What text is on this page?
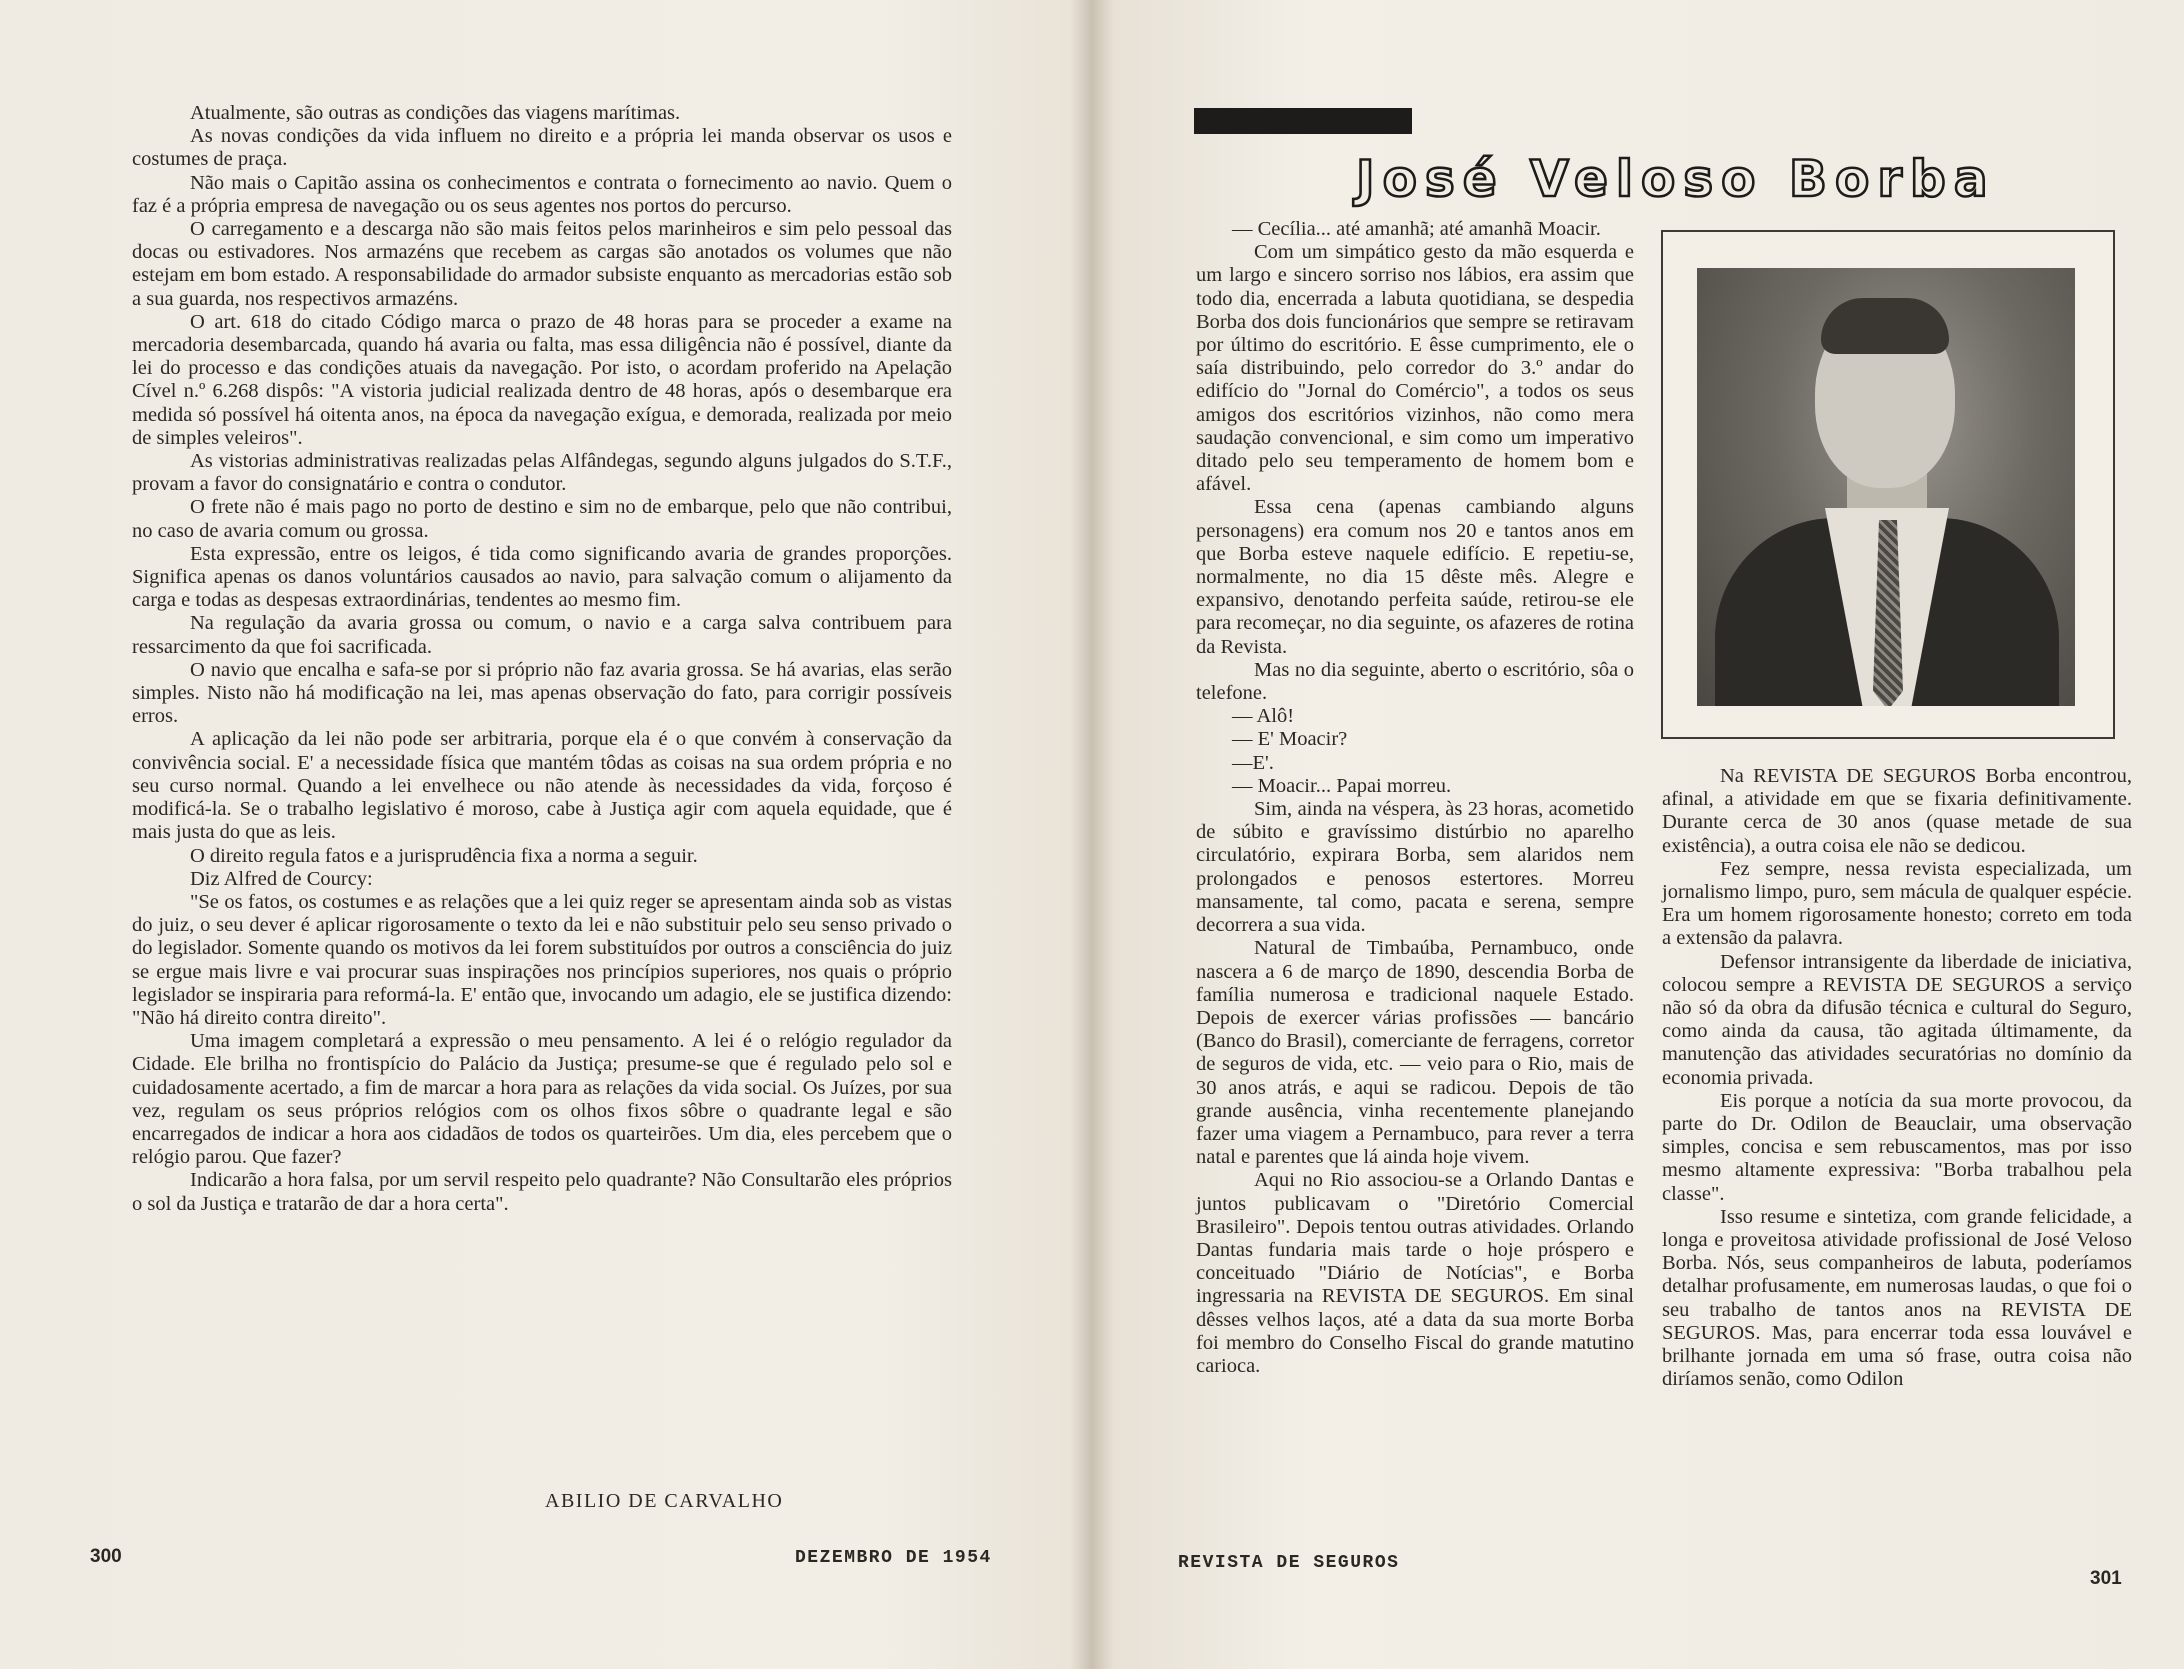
Atualmente, são outras as condições das viagens marítimas.

As novas condições da vida influem no direito e a própria lei manda observar os usos e costumes de praça.

Não mais o Capitão assina os conhecimentos e contrata o fornecimento ao navio. Quem o faz é a própria empresa de navegação ou os seus agentes nos portos do percurso.

O carregamento e a descarga não são mais feitos pelos marinheiros e sim pelo pessoal das docas ou estivadores. Nos armazéns que recebem as cargas são anotados os volumes que não estejam em bom estado. A responsabilidade do armador subsiste enquanto as mercadorias estão sob a sua guarda, nos respectivos armazéns.

O art. 618 do citado Código marca o prazo de 48 horas para se proceder a exame na mercadoria desembarcada, quando há avaria ou falta, mas essa diligência não é possível, diante da lei do processo e das condições atuais da navegação. Por isto, o acordam proferido na Apelação Cível n.º 6.268 dispôs: "A vistoria judicial realizada dentro de 48 horas, após o desembarque era medida só possível há oitenta anos, na época da navegação exígua, e demorada, realizada por meio de simples veleiros".

As vistorias administrativas realizadas pelas Alfândegas, segundo alguns julgados do S.T.F., provam a favor do consignatário e contra o condutor.

O frete não é mais pago no porto de destino e sim no de embarque, pelo que não contribui, no caso de avaria comum ou grossa.

Esta expressão, entre os leigos, é tida como significando avaria de grandes proporções. Significa apenas os danos voluntários causados ao navio, para salvação comum o alijamento da carga e todas as despesas extraordinárias, tendentes ao mesmo fim.

Na regulação da avaria grossa ou comum, o navio e a carga salva contribuem para ressarcimento da que foi sacrificada.

O navio que encalha e safa-se por si próprio não faz avaria grossa. Se há avarias, elas serão simples. Nisto não há modificação na lei, mas apenas observação do fato, para corrigir possíveis erros.

A aplicação da lei não pode ser arbitraria, porque ela é o que convém à conservação da convivência social. E' a necessidade física que mantém tôdas as coisas na sua ordem própria e no seu curso normal. Quando a lei envelhece ou não atende às necessidades da vida, forçoso é modificá-la. Se o trabalho legislativo é moroso, cabe à Justiça agir com aquela equidade, que é mais justa do que as leis.

O direito regula fatos e a jurisprudência fixa a norma a seguir.

Diz Alfred de Courcy:

"Se os fatos, os costumes e as relações que a lei quiz reger se apresentam ainda sob as vistas do juiz, o seu dever é aplicar rigorosamente o texto da lei e não substituir pelo seu senso privado o do legislador. Somente quando os motivos da lei forem substituídos por outros a consciência do juiz se ergue mais livre e vai procurar suas inspirações nos princípios superiores, nos quais o próprio legislador se inspiraria para reformá-la. E' então que, invocando um adagio, ele se justifica dizendo: "Não há direito contra direito".

Uma imagem completará a expressão o meu pensamento. A lei é o relógio regulador da Cidade. Ele brilha no frontispício do Palácio da Justiça; presume-se que é regulado pelo sol e cuidadosamente acertado, a fim de marcar a hora para as relações da vida social. Os Juízes, por sua vez, regulam os seus próprios relógios com os olhos fixos sôbre o quadrante legal e são encarregados de indicar a hora aos cidadãos de todos os quarteirões. Um dia, eles percebem que o relógio parou. Que fazer?

Indicarão a hora falsa, por um servil respeito pelo quadrante? Não Consultarão eles próprios o sol da Justiça e tratarão de dar a hora certa".

ABILIO DE CARVALHO
300	DEZEMBRO DE 1954
José Veloso Borba

— Cecília... até amanhã; até amanhã Moacir.

Com um simpático gesto da mão esquerda e um largo e sincero sorriso nos lábios, era assim que todo dia, encerrada a labuta quotidiana, se despedia Borba dos dois funcionários que sempre se retiravam por último do escritório. E êsse cumprimento, ele o saía distribuindo, pelo corredor do 3.º andar do edifício do "Jornal do Comércio", a todos os seus amigos dos escritórios vizinhos, não como mera saudação convencional, e sim como um imperativo ditado pelo seu temperamento de homem bom e afável.

Essa cena (apenas cambiando alguns personagens) era comum nos 20 e tantos anos em que Borba esteve naquele edifício. E repetiu-se, normalmente, no dia 15 dêste mês. Alegre e expansivo, denotando perfeita saúde, retirou-se ele para recomeçar, no dia seguinte, os afazeres de rotina da Revista.

Mas no dia seguinte, aberto o escritório, sôa o telefone.

— Alô!

— E' Moacir?

—E'.

— Moacir... Papai morreu.

Sim, ainda na véspera, às 23 horas, acometido de súbito e gravíssimo distúrbio no aparelho circulatório, expirara Borba, sem alaridos nem prolongados e penosos estertores. Morreu mansamente, tal como, pacata e serena, sempre decorrera a sua vida.

Natural de Timbaúba, Pernambuco, onde nascera a 6 de março de 1890, descendia Borba de família numerosa e tradicional naquele Estado. Depois de exercer várias profissões — bancário (Banco do Brasil), comerciante de ferragens, corretor de seguros de vida, etc. — veio para o Rio, mais de 30 anos atrás, e aqui se radicou. Depois de tão grande ausência, vinha recentemente planejando fazer uma viagem a Pernambuco, para rever a terra natal e parentes que lá ainda hoje vivem.

Aqui no Rio associou-se a Orlando Dantas e juntos publicavam o "Diretório Comercial Brasileiro". Depois tentou outras atividades. Orlando Dantas fundaria mais tarde o hoje próspero e conceituado "Diário de Notícias", e Borba ingressaria na REVISTA DE SEGUROS. Em sinal dêsses velhos laços, até a data da sua morte Borba foi membro do Conselho Fiscal do grande matutino carioca.

Na REVISTA DE SEGUROS Borba encontrou, afinal, a atividade em que se fixaria definitivamente. Durante cerca de 30 anos (quase metade de sua existência), a outra coisa ele não se dedicou.

Fez sempre, nessa revista especializada, um jornalismo limpo, puro, sem mácula de qualquer espécie. Era um homem rigorosamente honesto; correto em toda a extensão da palavra.

Defensor intransigente da liberdade de iniciativa, colocou sempre a REVISTA DE SEGUROS a serviço não só da obra da difusão técnica e cultural do Seguro, como ainda da causa, tão agitada últimamente, da manutenção das atividades securatórias no domínio da economia privada.

Eis porque a notícia da sua morte provocou, da parte do Dr. Odilon de Beauclair, uma observação simples, concisa e sem rebuscamentos, mas por isso mesmo altamente expressiva: "Borba trabalhou pela classe".

Isso resume e sintetiza, com grande felicidade, a longa e proveitosa atividade profissional de José Veloso Borba. Nós, seus companheiros de labuta, poderíamos detalhar profusamente, em numerosas laudas, o que foi o seu trabalho de tantos anos na REVISTA DE SEGUROS. Mas, para encerrar toda essa louvável e brilhante jornada em uma só frase, outra coisa não diríamos senão, como Odilon

REVISTA DE SEGUROS
301
